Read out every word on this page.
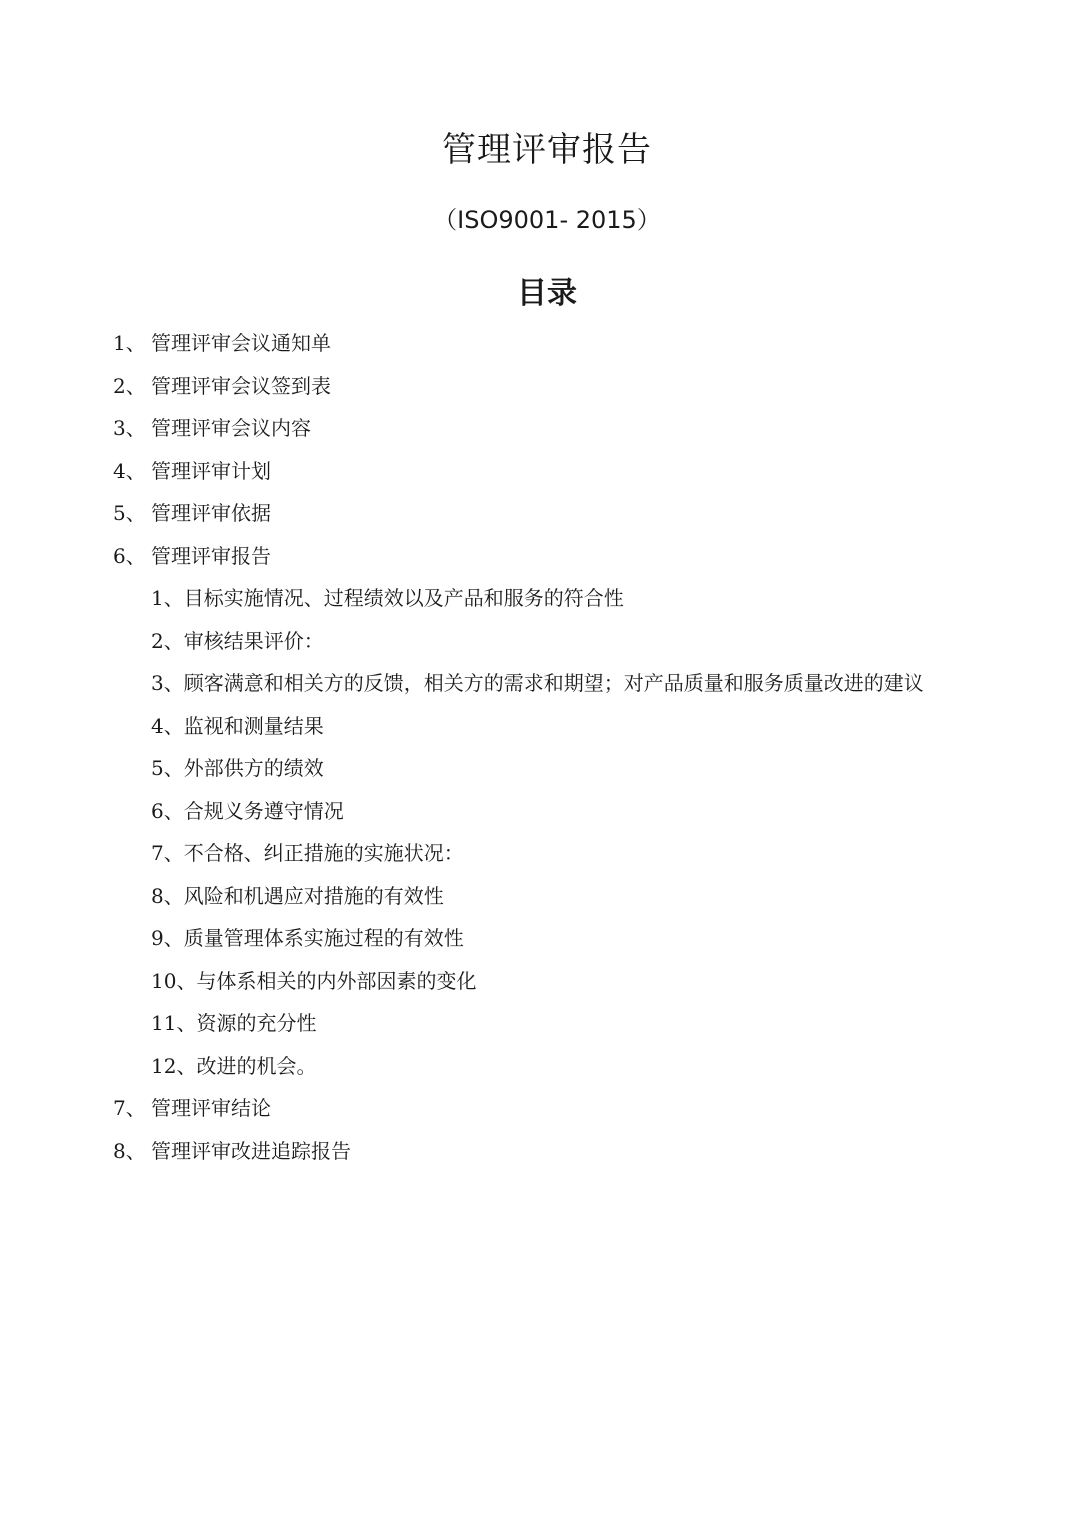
管理评审报告
（ISO9001- 2015）
目录
1、 管理评审会议通知单
2、 管理评审会议签到表
3、 管理评审会议内容
4、 管理评审计划
5、 管理评审依据
6、 管理评审报告
1、目标实施情况、过程绩效以及产品和服务的符合性
2、审核结果评价：
3、顾客满意和相关方的反馈，相关方的需求和期望；对产品质量和服务质量改进的建议
4、监视和测量结果
5、外部供方的绩效
6、合规义务遵守情况
7、不合格、纠正措施的实施状况：
8、风险和机遇应对措施的有效性
9、质量管理体系实施过程的有效性
10、与体系相关的内外部因素的变化
11、资源的充分性
12、改进的机会。
7、 管理评审结论
8、 管理评审改进追踪报告
